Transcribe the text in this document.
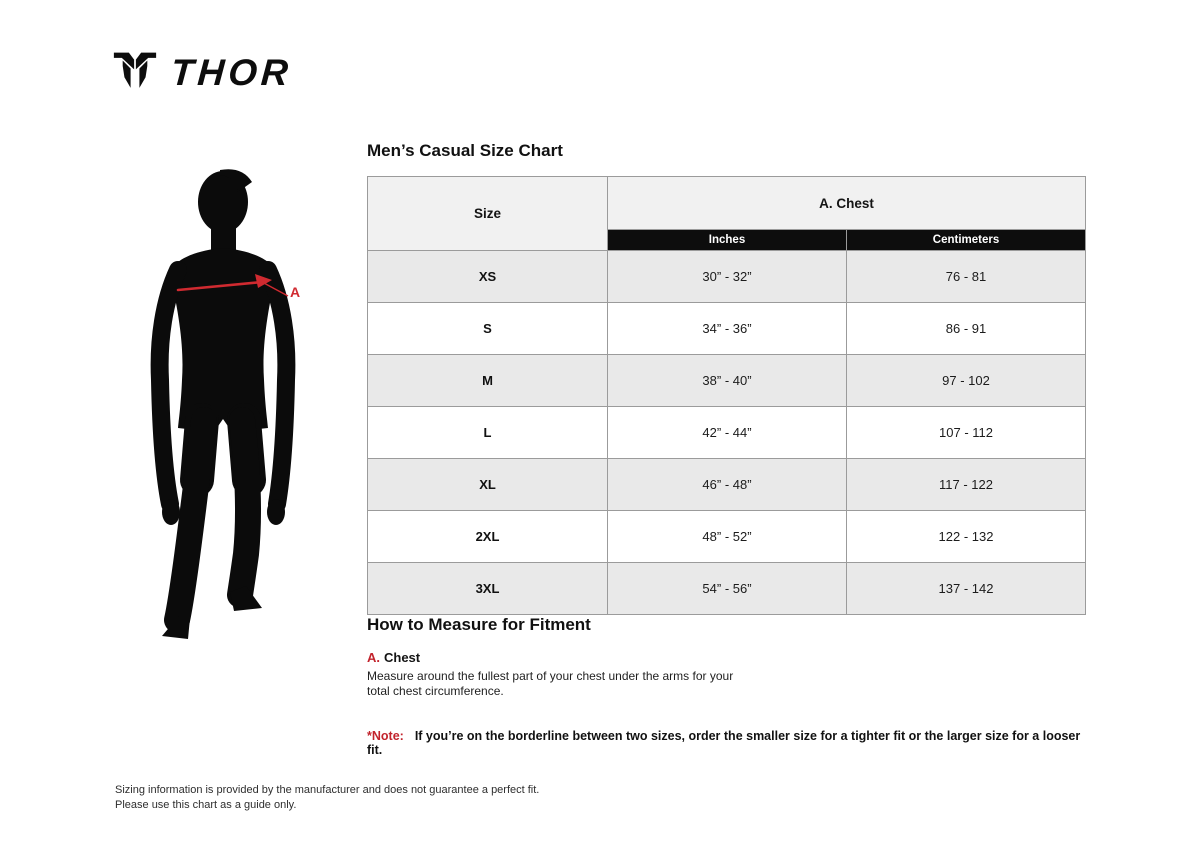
THOR
A
Men’s Casual Size Chart
Size	A. Chest	
	Inches	Centimeters
XS	30” - 32”	76 - 81
S	34” - 36”	86 - 91
M	38” - 40”	97 - 102
L	42” - 44”	107 - 112
XL	46” - 48”	117 - 122
2XL	48” - 52”	122 - 132
3XL	54” - 56”	137 - 142
How to Measure for Fitment
A. Chest
Measure around the fullest part of your chest under the arms for your
total chest circumference.
*Note: If you’re on the borderline between two sizes, order the smaller size for a tighter fit or the larger size for a looser fit.
Sizing information is provided by the manufacturer and does not guarantee a perfect fit.
Please use this chart as a guide only.
